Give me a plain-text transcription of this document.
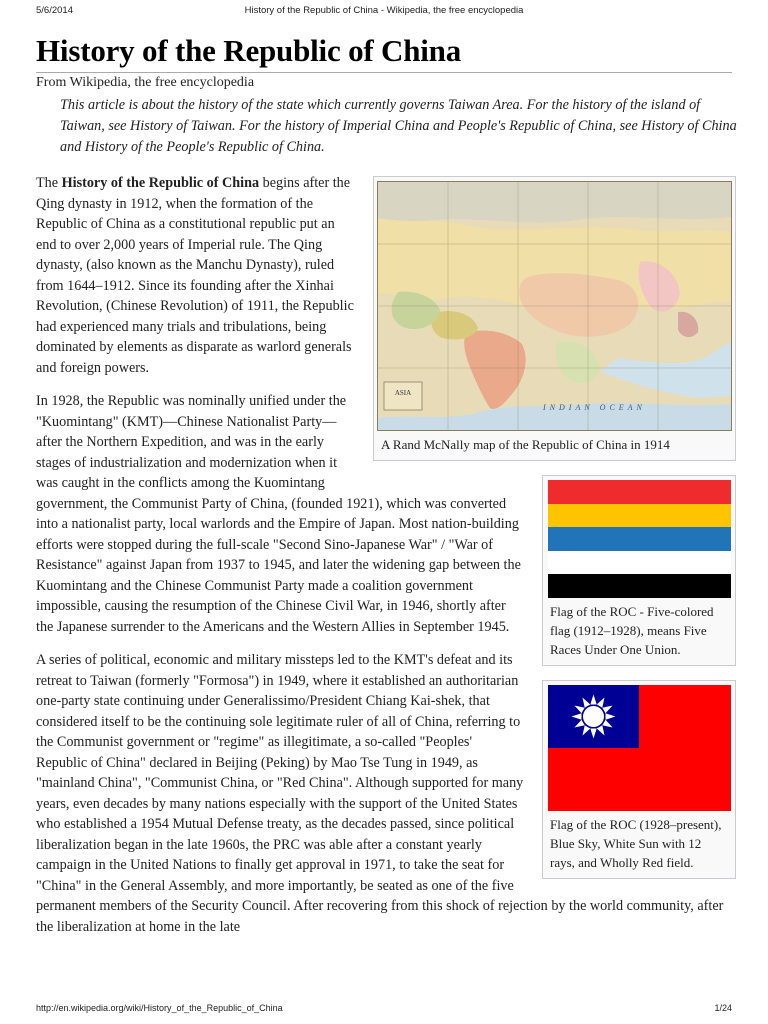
5/6/2014	History of the Republic of China - Wikipedia, the free encyclopedia
History of the Republic of China
From Wikipedia, the free encyclopedia
This article is about the history of the state which currently governs Taiwan Area. For the history of the island of Taiwan, see History of Taiwan. For the history of Imperial China and People's Republic of China, see History of China and History of the People's Republic of China.
ASIA
INDIAN OCEAN
A Rand McNally map of the Republic of China in 1914
Flag of the ROC - Five-colored flag (1912–1928), means Five Races Under One Union.

The History of the Republic of China begins after the Qing dynasty in 1912, when the formation of the Republic of China as a constitutional republic put an end to over 2,000 years of Imperial rule. The Qing dynasty, (also known as the Manchu Dynasty), ruled from 1644–1912. Since its founding after the Xinhai Revolution, (Chinese Revolution) of 1911, the Republic had experienced many trials and tribulations, being dominated by elements as disparate as warlord generals and foreign powers.

In 1928, the Republic was nominally unified under the "Kuomintang" (KMT)—Chinese Nationalist Party—after the Northern Expedition, and was in the early stages of industrialization and modernization when it was caught in the conflicts among the Kuomintang government, the Communist Party of China, (founded 1921), which was converted into a nationalist party, local warlords and the Empire of Japan. Most nation-building efforts were stopped during the full-scale "Second Sino-Japanese War" / "War of Resistance" against Japan from 1937 to 1945, and later the widening gap between the Kuomintang and the Chinese Communist Party made a coalition government impossible, causing the resumption of the Chinese Civil War, in 1946, shortly after the Japanese surrender to the Americans and the Western Allies in September 1945.

Flag of the ROC (1928–present), Blue Sky, White Sun with 12 rays, and Wholly Red field.

A series of political, economic and military missteps led to the KMT's defeat and its retreat to Taiwan (formerly "Formosa") in 1949, where it established an authoritarian one-party state continuing under Generalissimo/President Chiang Kai-shek, that considered itself to be the continuing sole legitimate ruler of all of China, referring to the Communist government or "regime" as illegitimate, a so-called "Peoples' Republic of China" declared in Beijing (Peking) by Mao Tse Tung in 1949, as "mainland China", "Communist China, or "Red China". Although supported for many years, even decades by many nations especially with the support of the United States who established a 1954 Mutual Defense treaty, as the decades passed, since political liberalization began in the late 1960s, the PRC was able after a constant yearly campaign in the United Nations to finally get approval in 1971, to take the seat for "China" in the General Assembly, and more importantly, be seated as one of the five permanent members of the Security Council. After recovering from this shock of rejection by the world community, after the liberalization at home in the late

http://en.wikipedia.org/wiki/History_of_the_Republic_of_China	1/24
